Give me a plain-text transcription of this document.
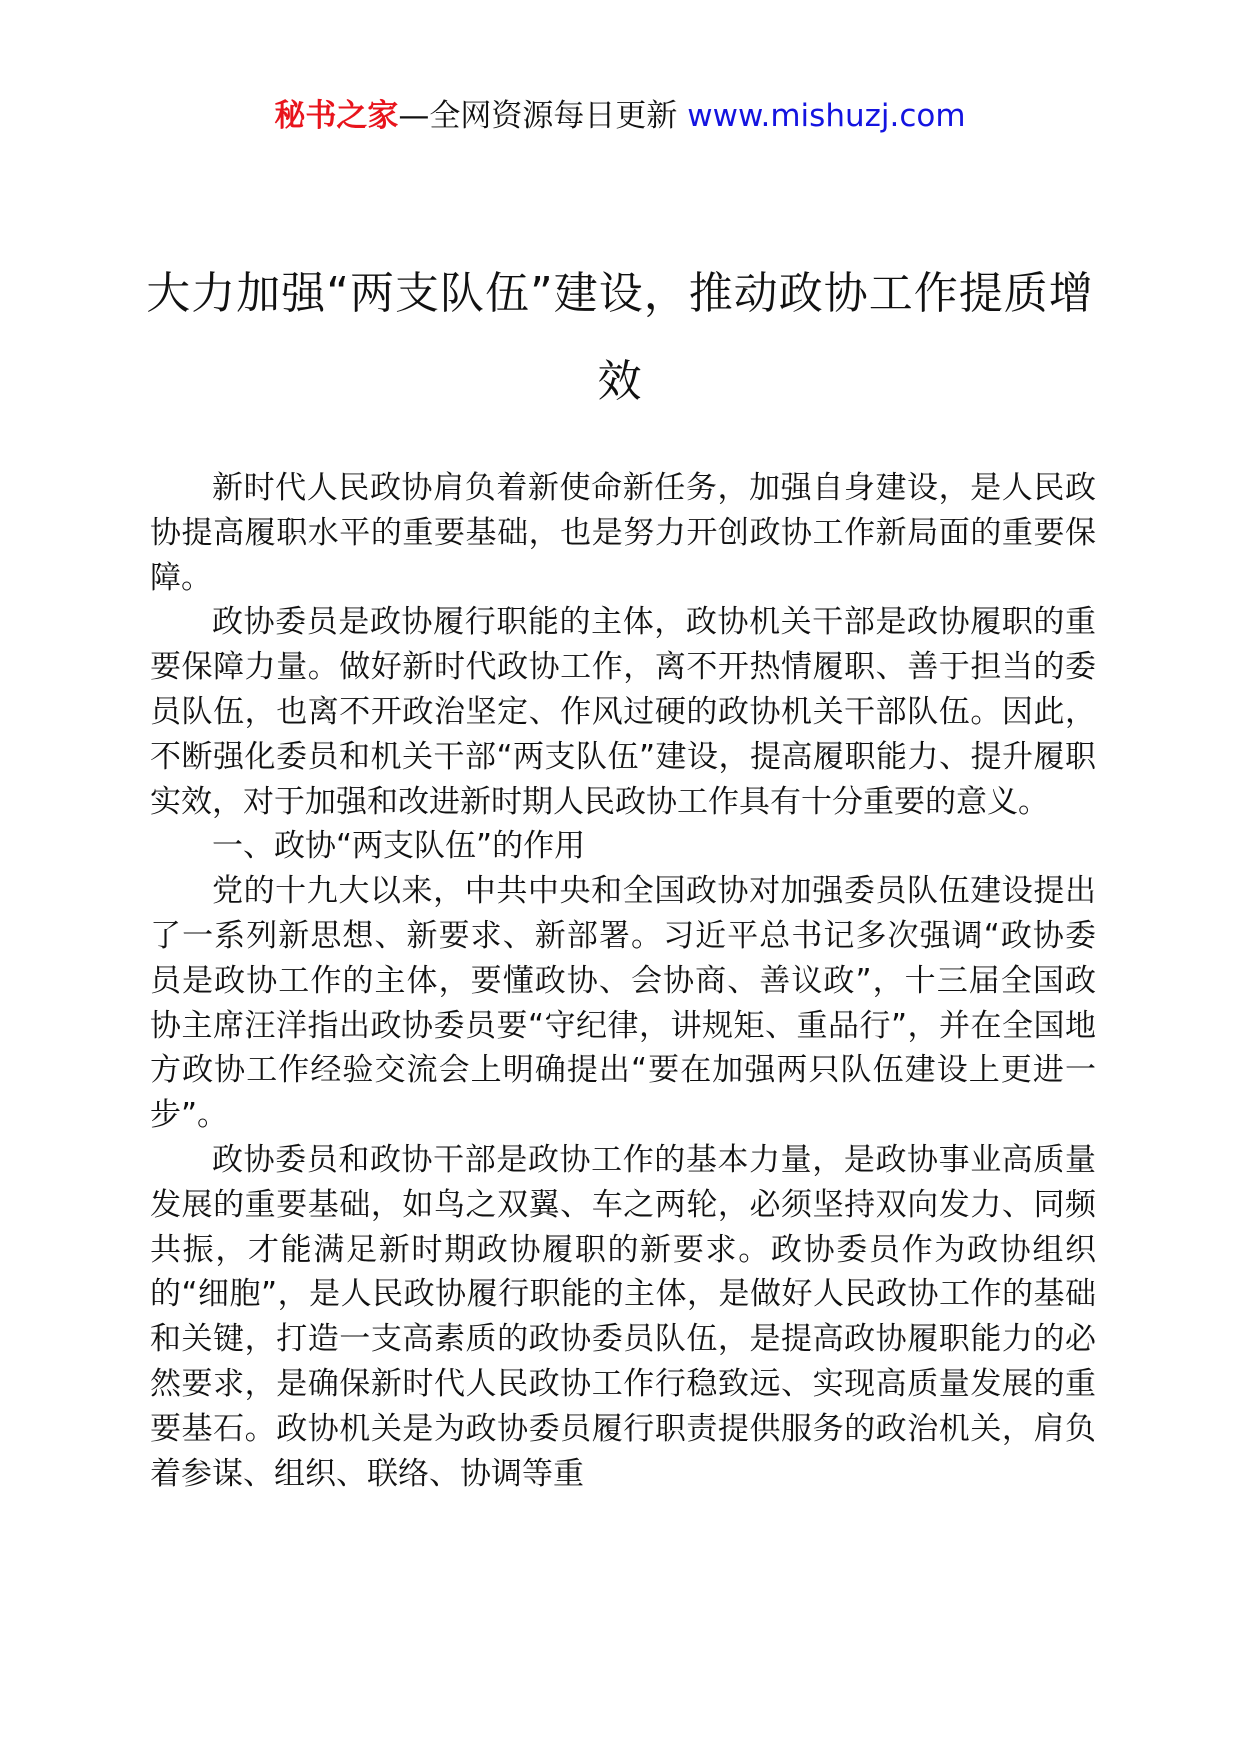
秘书之家—全网资源每日更新 www.mishuzj.com
大力加强“两支队伍”建设，推动政协工作提质增效

新时代人民政协肩负着新使命新任务，加强自身建设，是人民政协提高履职水平的重要基础，也是努力开创政协工作新局面的重要保障。

政协委员是政协履行职能的主体，政协机关干部是政协履职的重要保障力量。做好新时代政协工作，离不开热情履职、善于担当的委员队伍，也离不开政治坚定、作风过硬的政协机关干部队伍。因此，不断强化委员和机关干部“两支队伍”建设，提高履职能力、提升履职实效，对于加强和改进新时期人民政协工作具有十分重要的意义。

一、政协“两支队伍”的作用

党的十九大以来，中共中央和全国政协对加强委员队伍建设提出了一系列新思想、新要求、新部署。习近平总书记多次强调“政协委员是政协工作的主体，要懂政协、会协商、善议政”，十三届全国政协主席汪洋指出政协委员要“守纪律，讲规矩、重品行”，并在全国地方政协工作经验交流会上明确提出“要在加强两只队伍建设上更进一步”。

政协委员和政协干部是政协工作的基本力量，是政协事业高质量发展的重要基础，如鸟之双翼、车之两轮，必须坚持双向发力、同频共振，才能满足新时期政协履职的新要求。政协委员作为政协组织的“细胞”，是人民政协履行职能的主体，是做好人民政协工作的基础和关键，打造一支高素质的政协委员队伍，是提高政协履职能力的必然要求，是确保新时代人民政协工作行稳致远、实现高质量发展的重要基石。政协机关是为政协委员履行职责提供服务的政治机关，肩负着参谋、组织、联络、协调等重
